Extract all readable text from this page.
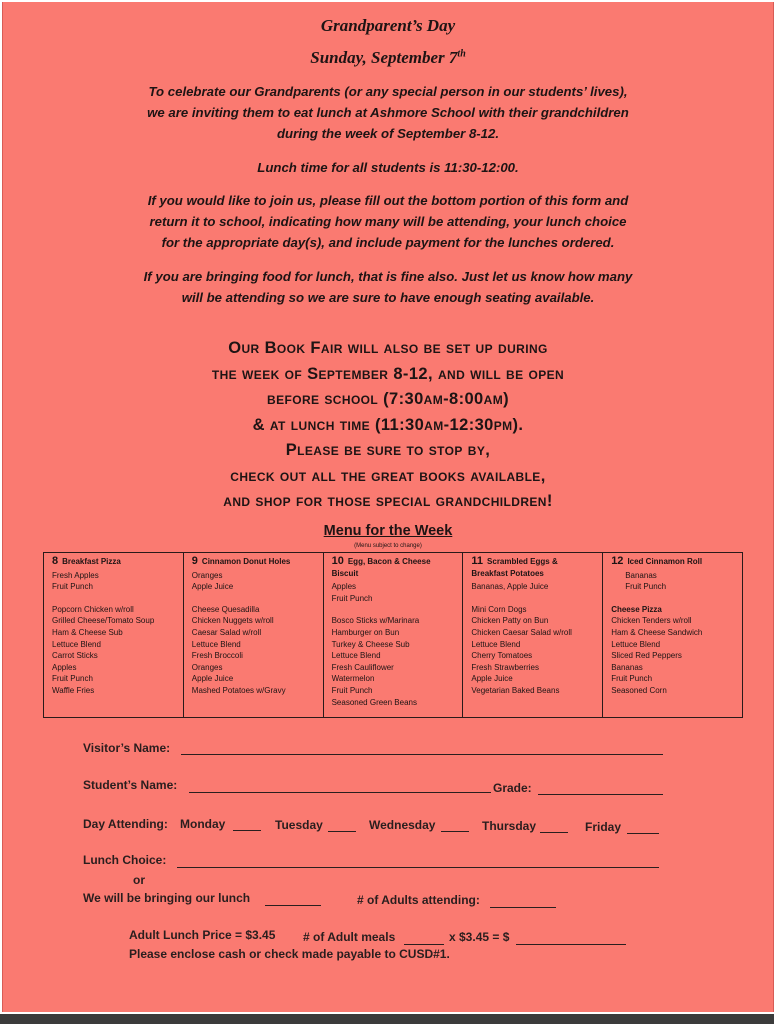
Grandparent’s Day
Sunday, September 7th
To celebrate our Grandparents (or any special person in our students’ lives),
we are inviting them to eat lunch at Ashmore School with their grandchildren
during the week of September 8-12.
Lunch time for all students is 11:30-12:00.
If you would like to join us, please fill out the bottom portion of this form and
return it to school, indicating how many will be attending, your lunch choice
for the appropriate day(s), and include payment for the lunches ordered.
If you are bringing food for lunch, that is fine also. Just let us know how many
will be attending so we are sure to have enough seating available.
Our Book Fair will also be set up during
the week of September 8-12, and will be open
before school (7:30am-8:00am)
& at lunch time (11:30am-12:30pm).
Please be sure to stop by,
check out all the great books available,
and shop for those special grandchildren!
Menu for the Week
(Menu subject to change)
8 Breakfast Pizza
Fresh Apples
Fruit Punch
Popcorn Chicken w/roll
Grilled Cheese/Tomato Soup
Ham & Cheese Sub
Lettuce Blend
Carrot Sticks
Apples
Fruit Punch
Waffle Fries
9 Cinnamon Donut Holes
Oranges
Apple Juice
Cheese Quesadilla
Chicken Nuggets w/roll
Caesar Salad w/roll
Lettuce Blend
Fresh Broccoli
Oranges
Apple Juice
Mashed Potatoes w/Gravy
10 Egg, Bacon & Cheese
Biscuit
Apples
Fruit Punch
Bosco Sticks w/Marinara
Hamburger on Bun
Turkey & Cheese Sub
Lettuce Blend
Fresh Cauliflower
Watermelon
Fruit Punch
Seasoned Green Beans
11 Scrambled Eggs &
Breakfast Potatoes
Bananas, Apple Juice
Mini Corn Dogs
Chicken Patty on Bun
Chicken Caesar Salad w/roll
Lettuce Blend
Cherry Tomatoes
Fresh Strawberries
Apple Juice
Vegetarian Baked Beans
12 Iced Cinnamon Roll
Bananas
Fruit Punch
Cheese Pizza
Chicken Tenders w/roll
Ham & Cheese Sandwich
Lettuce Blend
Sliced Red Peppers
Bananas
Fruit Punch
Seasoned Corn
Visitor’s Name:
Student’s Name:	Grade:
Day Attending: Monday	Tuesday	Wednesday	Thursday	Friday
Lunch Choice:
or
We will be bringing our lunch	# of Adults attending:
Adult Lunch Price = $3.45 # of Adult meals	x $3.45 = $
Please enclose cash or check made payable to CUSD#1.
